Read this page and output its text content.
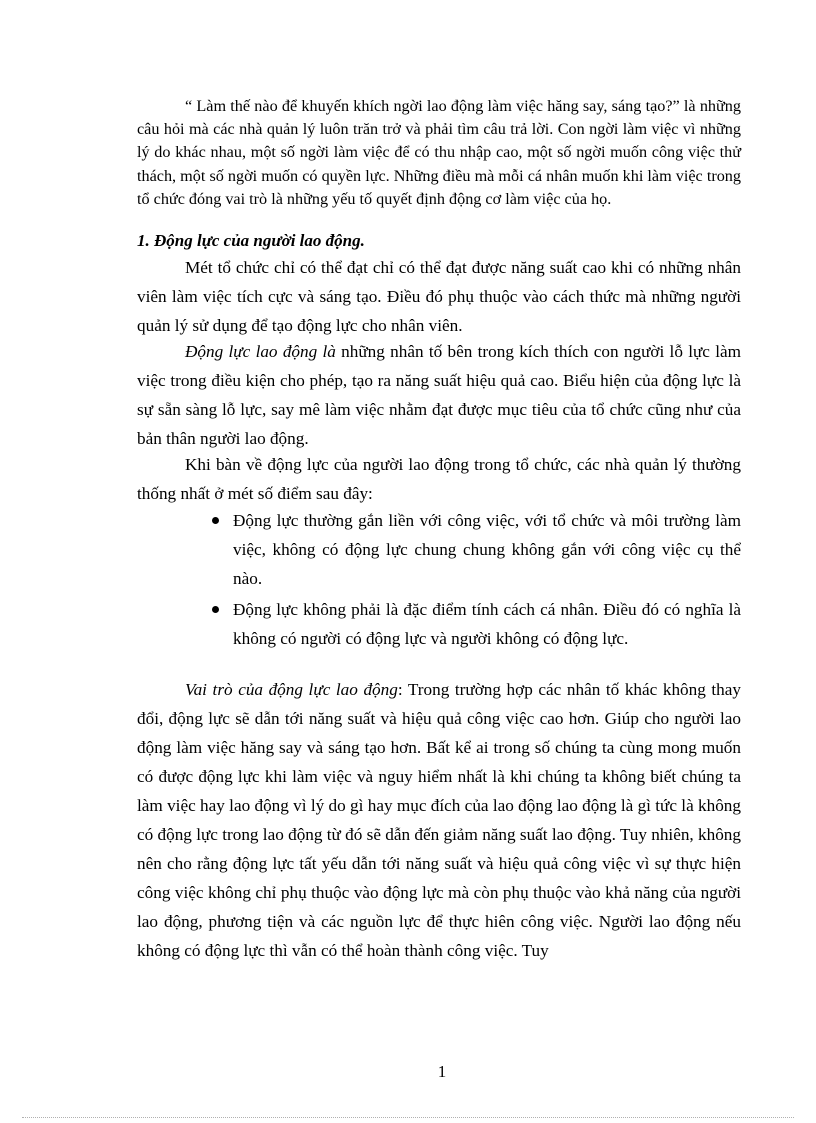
“ Làm thế nào để khuyến khích ngời lao động làm việc hăng say, sáng tạo?” là những câu hỏi mà các nhà quản lý luôn trăn trở và phải tìm câu trả lời. Con ngời làm việc vì những lý do khác nhau, một số ngời làm việc để có thu nhập cao, một số ngời muốn công việc thử thách, một số ngời muốn có quyền lực. Những điều mà mỗi cá nhân muốn khi làm việc trong tổ chức đóng vai trò là những yếu tố quyết định động cơ làm việc của họ.

1. Động lực của người lao động.

Mét tổ chức chỉ có thể đạt chỉ có thể đạt được năng suất cao khi có những nhân viên làm việc tích cực và sáng tạo. Điều đó phụ thuộc vào cách thức mà những người quản lý sử dụng để tạo động lực cho nhân viên.

Động lực lao động là những nhân tố bên trong kích thích con người lỗ lực làm việc trong điều kiện cho phép, tạo ra năng suất hiệu quả cao. Biểu hiện của động lực là sự sẵn sàng lỗ lực, say mê làm việc nhằm đạt được mục tiêu của tổ chức cũng như của bản thân người lao động.

Khi bàn về động lực của người lao động trong tổ chức, các nhà quản lý thường thống nhất ở mét số điểm sau đây:

Động lực thường gắn liền với công việc, với tổ chức và môi trường làm việc, không có động lực chung chung không gắn với công việc cụ thể nào.
Động lực không phải là đặc điểm tính cách cá nhân. Điều đó có nghĩa là không có người có động lực và người không có động lực.

Vai trò của động lực lao động: Trong trường hợp các nhân tố khác không thay đổi, động lực sẽ dẫn tới năng suất và hiệu quả công việc cao hơn. Giúp cho người lao động làm việc hăng say và sáng tạo hơn. Bất kể ai trong số chúng ta cùng mong muốn có được động lực khi làm việc và nguy hiểm nhất là khi chúng ta không biết chúng ta làm việc hay lao động vì lý do gì hay mục đích của lao động lao động là gì tức là không có động lực trong lao động từ đó sẽ dẫn đến giảm năng suất lao động. Tuy nhiên, không nên cho rằng động lực tất yếu dẫn tới năng suất và hiệu quả công việc vì sự thực hiện công việc không chỉ phụ thuộc vào động lực mà còn phụ thuộc vào khả năng của người lao động, phương tiện và các nguồn lực để thực hiên công việc. Người lao động nếu không có động lực thì vẫn có thể hoàn thành công việc. Tuy

1
